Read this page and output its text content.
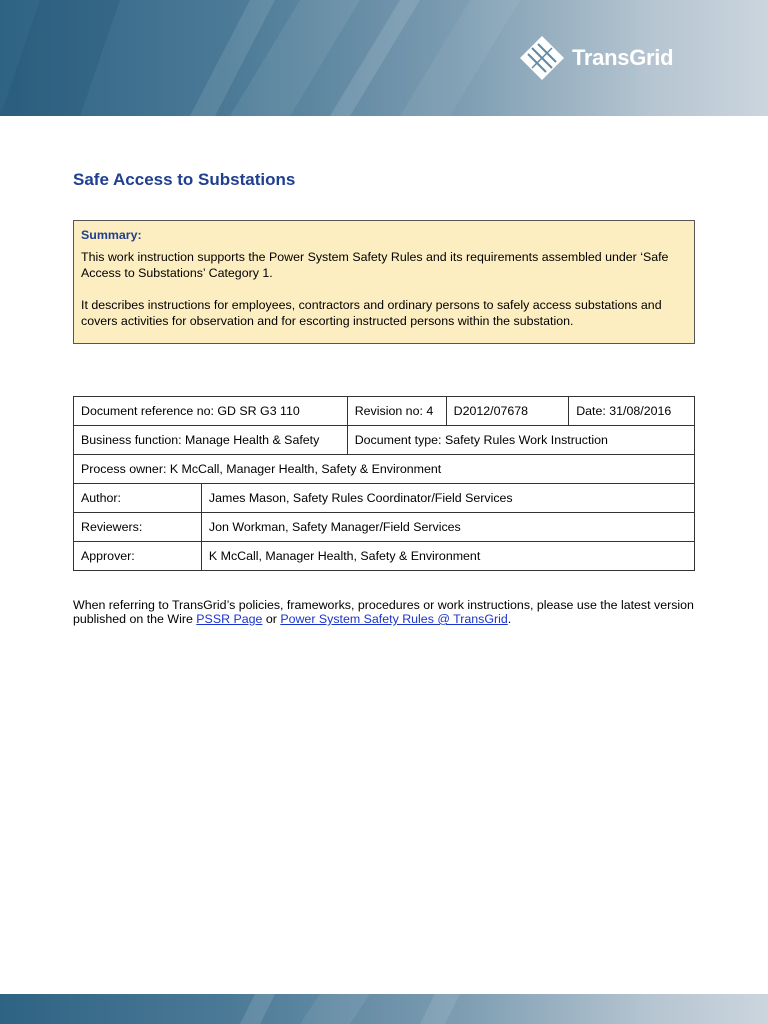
TransGrid
Safe Access to Substations
Summary:
This work instruction supports the Power System Safety Rules and its requirements assembled under ‘Safe Access to Substations’ Category 1.
It describes instructions for employees, contractors and ordinary persons to safely access substations and covers activities for observation and for escorting instructed persons within the substation.
Document reference no: GD SR G3 110		Revision no: 4	D2012/07678	Date: 31/08/2016
Business function: Manage Health & Safety		Document type: Safety Rules Work Instruction		
Process owner: K McCall, Manager Health, Safety & Environment				
Author:	James Mason, Safety Rules Coordinator/Field Services			
Reviewers:	Jon Workman, Safety Manager/Field Services			
Approver:	K McCall, Manager Health, Safety & Environment			
When referring to TransGrid’s policies, frameworks, procedures or work instructions, please use the latest version published on the Wire PSSR Page or Power System Safety Rules @ TransGrid.
